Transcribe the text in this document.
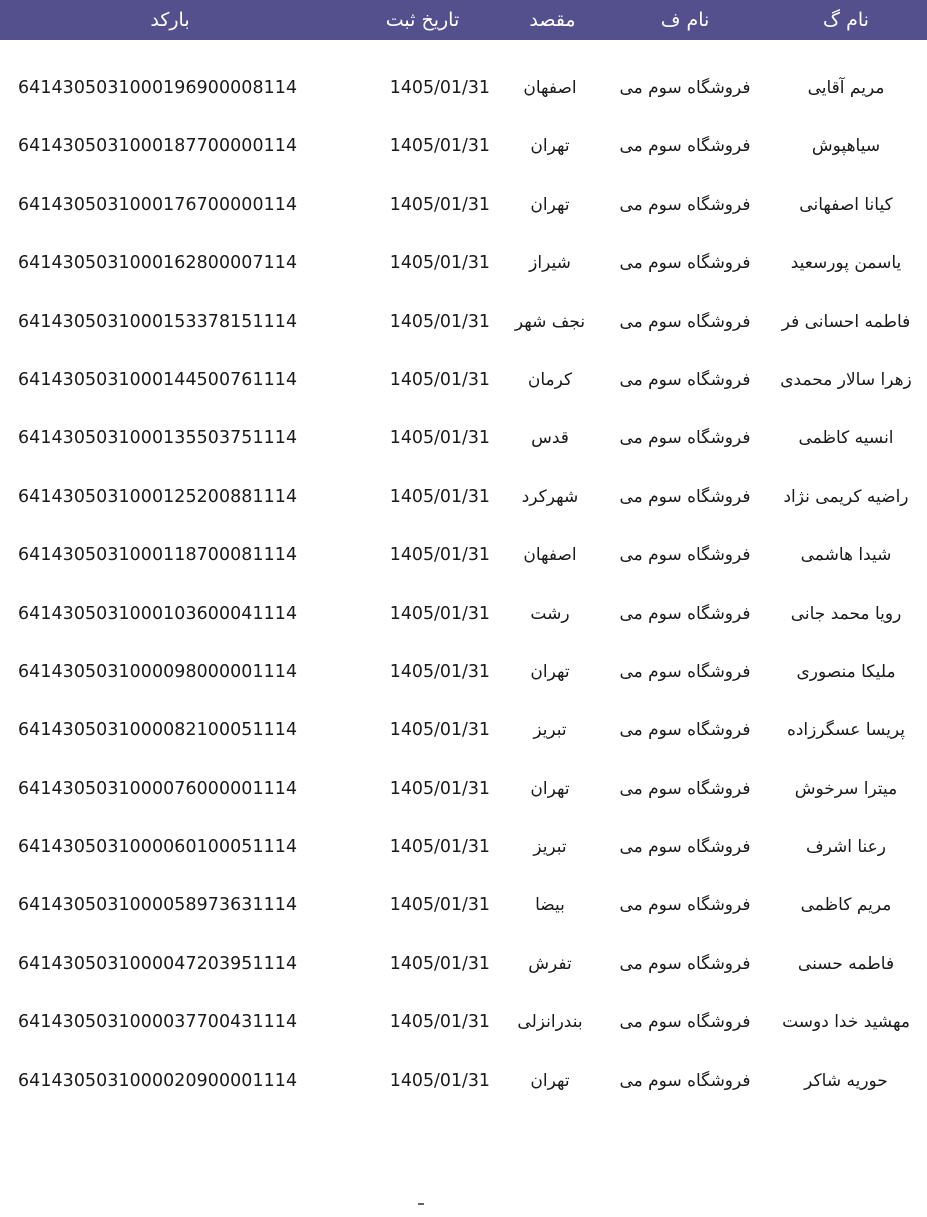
بارکد	تاریخ ثبت	مقصد	نام ف	نام گ
6414305031000196900008114	1405/01/31	اصفهان	فروشگاه سوم می	مریم آقایی
6414305031000187700000114	1405/01/31	تهران	فروشگاه سوم می	سیاهپوش
6414305031000176700000114	1405/01/31	تهران	فروشگاه سوم می	کیانا اصفهانی
6414305031000162800007114	1405/01/31	شیراز	فروشگاه سوم می	یاسمن پورسعید
6414305031000153378151114	1405/01/31	نجف شهر	فروشگاه سوم می	فاطمه احسانی فر
6414305031000144500761114	1405/01/31	کرمان	فروشگاه سوم می	زهرا سالار محمدی
6414305031000135503751114	1405/01/31	قدس	فروشگاه سوم می	انسیه کاظمی
6414305031000125200881114	1405/01/31	شهرکرد	فروشگاه سوم می	راضیه کریمی نژاد
6414305031000118700081114	1405/01/31	اصفهان	فروشگاه سوم می	شیدا هاشمی
6414305031000103600041114	1405/01/31	رشت	فروشگاه سوم می	رویا محمد جانی
6414305031000098000001114	1405/01/31	تهران	فروشگاه سوم می	ملیکا منصوری
6414305031000082100051114	1405/01/31	تبریز	فروشگاه سوم می	پریسا عسگرزاده
6414305031000076000001114	1405/01/31	تهران	فروشگاه سوم می	میترا سرخوش
6414305031000060100051114	1405/01/31	تبریز	فروشگاه سوم می	رعنا اشرف
6414305031000058973631114	1405/01/31	بیضا	فروشگاه سوم می	مریم کاظمی
6414305031000047203951114	1405/01/31	تفرش	فروشگاه سوم می	فاطمه حسنی
6414305031000037700431114	1405/01/31	بندرانزلی	فروشگاه سوم می	مهشید خدا دوست
6414305031000020900001114	1405/01/31	تهران	فروشگاه سوم می	حوریه شاکر
